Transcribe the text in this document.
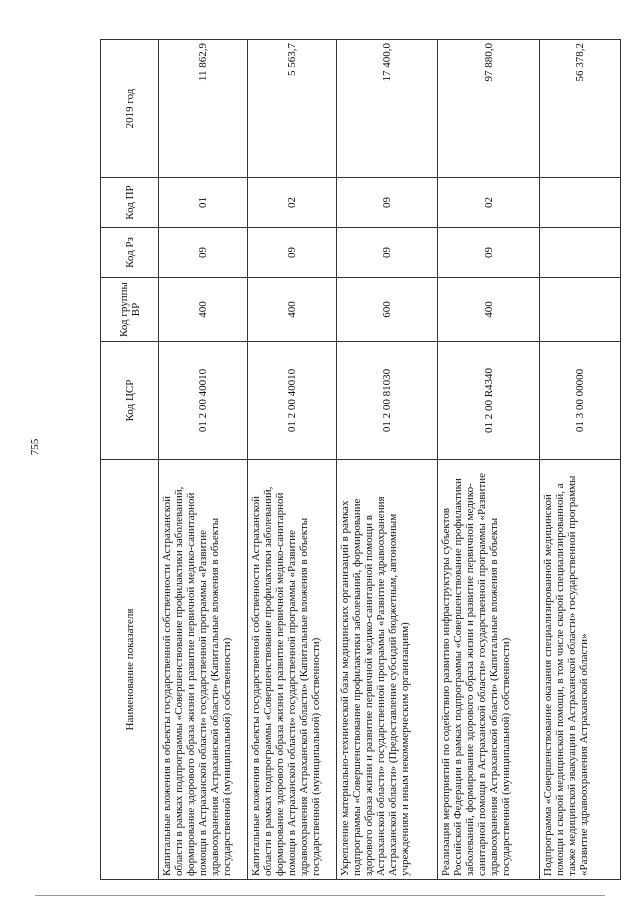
755
Наименование показателя	Код ЦСР	Код группы ВР	Код Рз	Код ПР	2019 год
Капитальные вложения в объекты государственной собственности Астраханской области в рамках подпрограммы «Совершенствование профилактики заболеваний, формирование здорового образа жизни и развитие первичной медико-санитарной помощи в Астраханской области» государственной программы «Развитие здравоохранения Астраханской области» (Капитальные вложения в объекты государственной (муниципальной) собственности)	01 2 00 40010	400	09	01	11 862,9
Капитальные вложения в объекты государственной собственности Астраханской области в рамках подпрограммы «Совершенствование профилактики заболеваний, формирование здорового образа жизни и развитие первичной медико-санитарной помощи в Астраханской области» государственной программы «Развитие здравоохранения Астраханской области» (Капитальные вложения в объекты государственной (муниципальной) собственности)	01 2 00 40010	400	09	02	5 563,7
Укрепление материально-технической базы медицинских организаций в рамках подпрограммы «Совершенствование профилактики заболеваний, формирование здорового образа жизни и развитие первичной медико-санитарной помощи в Астраханской области» государственной программы «Развитие здравоохранения Астраханской области» (Предоставление субсидий бюджетным, автономным учреждениям и иным некоммерческим организациям)	01 2 00 81030	600	09	09	17 400,0
Реализация мероприятий по содействию развитию инфраструктуры субъектов Российской Федерации в рамках подпрограммы «Совершенствование профилактики заболеваний, формирование здорового образа жизни и развитие первичной медико-санитарной помощи в Астраханской области» государственной программы «Развитие здравоохранения Астраханской области» (Капитальные вложения в объекты государственной (муниципальной) собственности)	01 2 00 R4340	400	09	02	97 880,0
Подпрограмма «Совершенствование оказания специализированной медицинской помощи и скорой медицинской помощи, в том числе скорой специализированной, а также медицинской эвакуации в Астраханской области» государственной программы «Развитие здравоохранения Астраханской области»	01 3 00 00000				56 378,2
